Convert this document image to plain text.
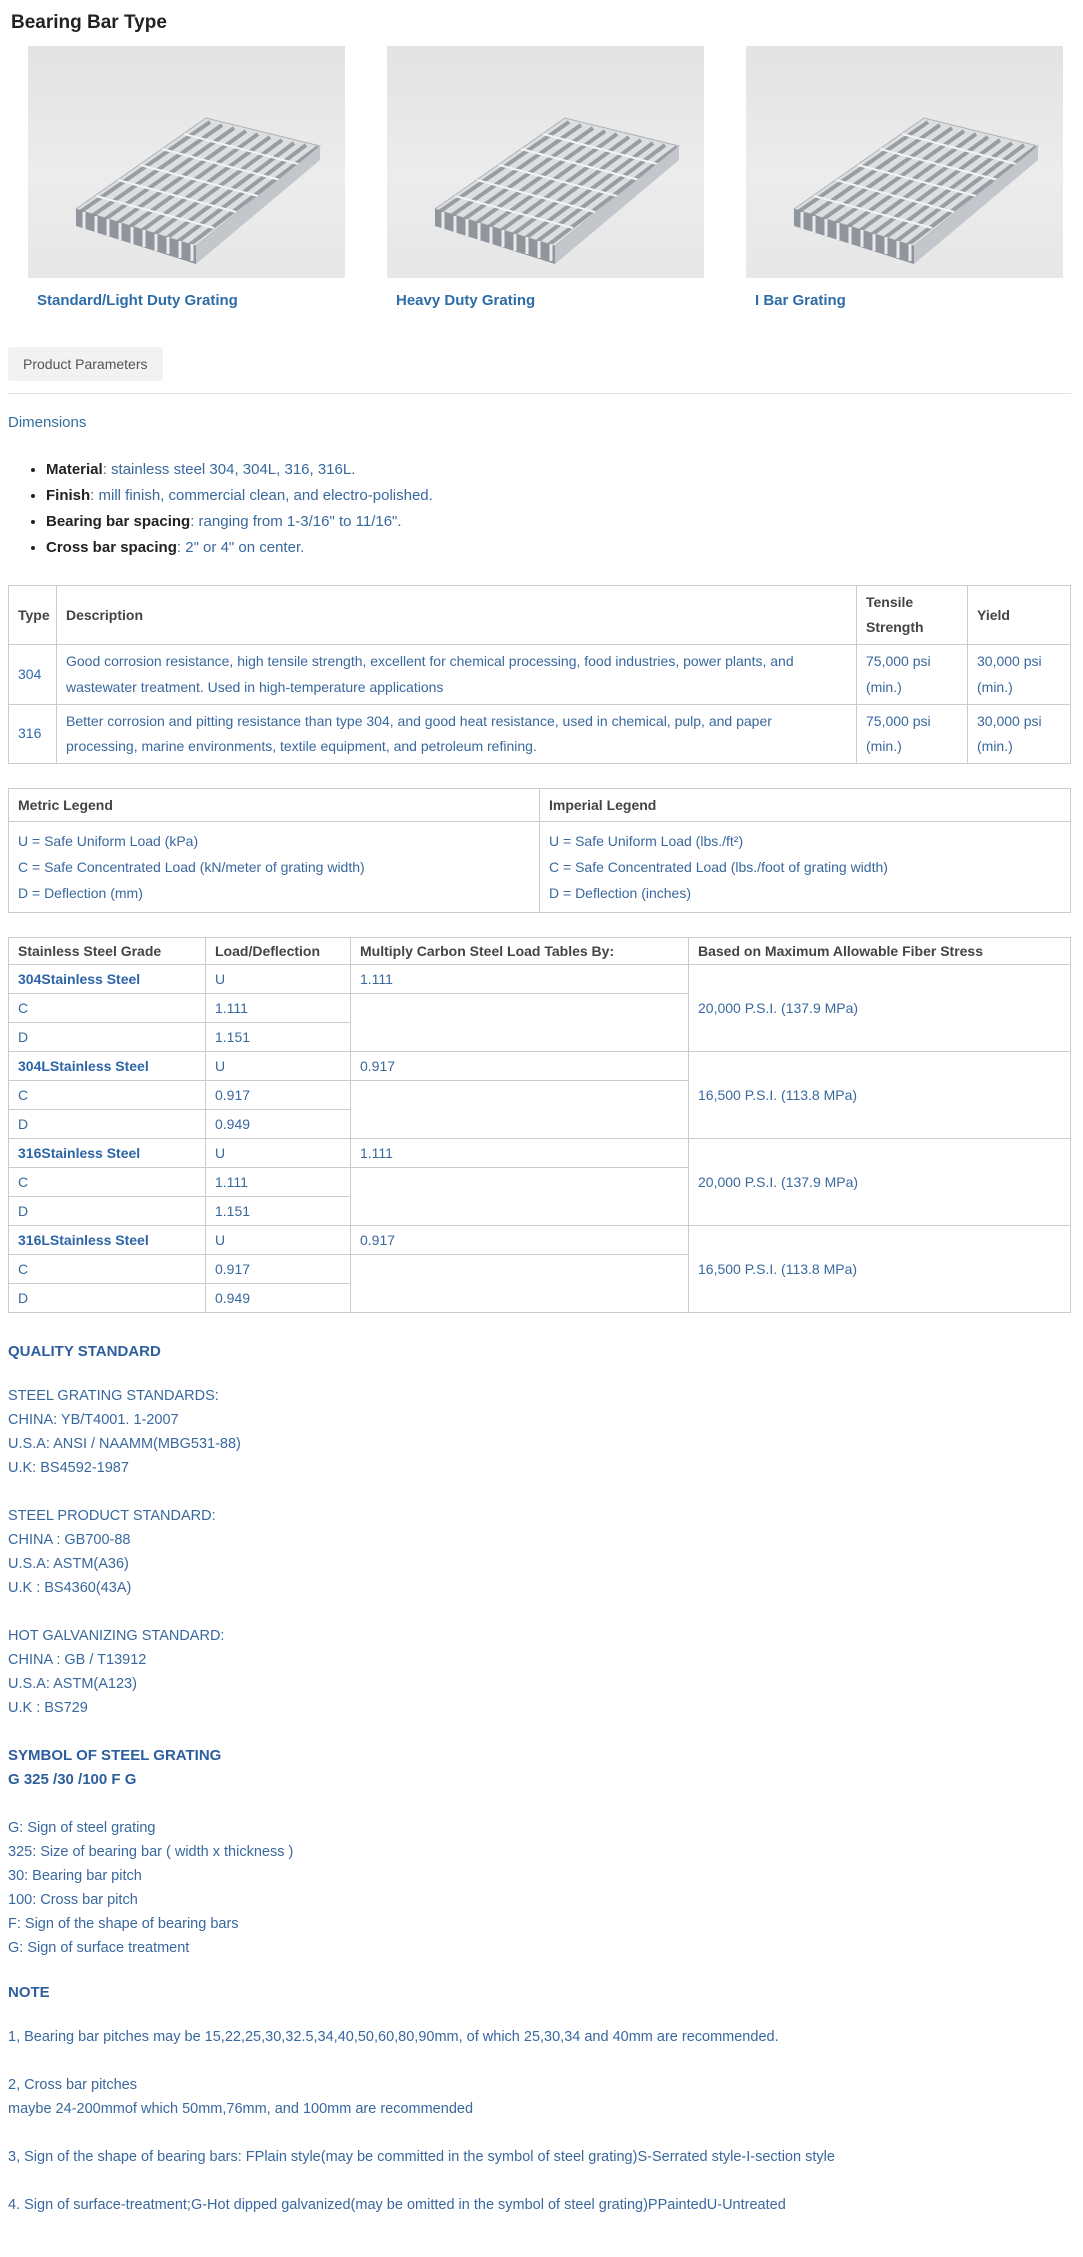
Bearing Bar Type
Standard/Light Duty Grating	Heavy Duty Grating	I Bar Grating
Product Parameters
Dimensions
• Material: stainless steel 304, 304L, 316, 316L.
• Finish: mill finish, commercial clean, and electro-polished.
• Bearing bar spacing: ranging from 1-3/16" to 11/16".
• Cross bar spacing: 2" or 4" on center.
Type	Description	Tensile Strength	Yield
304	Good corrosion resistance, high tensile strength, excellent for chemical processing, food industries, power plants, and wastewater treatment. Used in high-temperature applications	75,000 psi (min.)	30,000 psi (min.)
316	Better corrosion and pitting resistance than type 304, and good heat resistance, used in chemical, pulp, and paper processing, marine environments, textile equipment, and petroleum refining.	75,000 psi (min.)	30,000 psi (min.)
Metric Legend	Imperial Legend

U = Safe Uniform Load (kPa)
C = Safe Concentrated Load (kN/meter of grating width)
D = Deflection (mm)

U = Safe Uniform Load (lbs./ft²)
C = Safe Concentrated Load (lbs./foot of grating width)
D = Deflection (inches)
Stainless Steel Grade	Load/Deflection	Multiply Carbon Steel Load Tables By:	Based on Maximum Allowable Fiber Stress
304Stainless Steel	U	1.111	20,000 P.S.I. (137.9 MPa)
C	1.111		
D	1.151		
304LStainless Steel	U	0.917	16,500 P.S.I. (113.8 MPa)
C	0.917		
D	0.949		
316Stainless Steel	U	1.111	20,000 P.S.I. (137.9 MPa)
C	1.111		
D	1.151		
316LStainless Steel	U	0.917	16,500 P.S.I. (113.8 MPa)
C	0.917		
D	0.949		
QUALITY STANDARD
STEEL GRATING STANDARDS:
CHINA: YB/T4001. 1-2007
U.S.A: ANSI / NAAMM(MBG531-88)
U.K: BS4592-1987
STEEL PRODUCT STANDARD:
CHINA : GB700-88
U.S.A: ASTM(A36)
U.K : BS4360(43A)
HOT GALVANIZING STANDARD:
CHINA : GB / T13912
U.S.A: ASTM(A123)
U.K : BS729
SYMBOL OF STEEL GRATING
G 325 /30 /100 F G
G: Sign of steel grating
325: Size of bearing bar ( width x thickness )
30: Bearing bar pitch
100: Cross bar pitch
F: Sign of the shape of bearing bars
G: Sign of surface treatment
NOTE
1, Bearing bar pitches may be 15,22,25,30,32.5,34,40,50,60,80,90mm, of which 25,30,34 and 40mm are recommended.
2, Cross bar pitches
maybe 24-200mmof which 50mm,76mm, and 100mm are recommended
3, Sign of the shape of bearing bars: FPlain style(may be committed in the symbol of steel grating)S-Serrated style-I-section style
4. Sign of surface-treatment;G-Hot dipped galvanized(may be omitted in the symbol of steel grating)PPaintedU-Untreated
